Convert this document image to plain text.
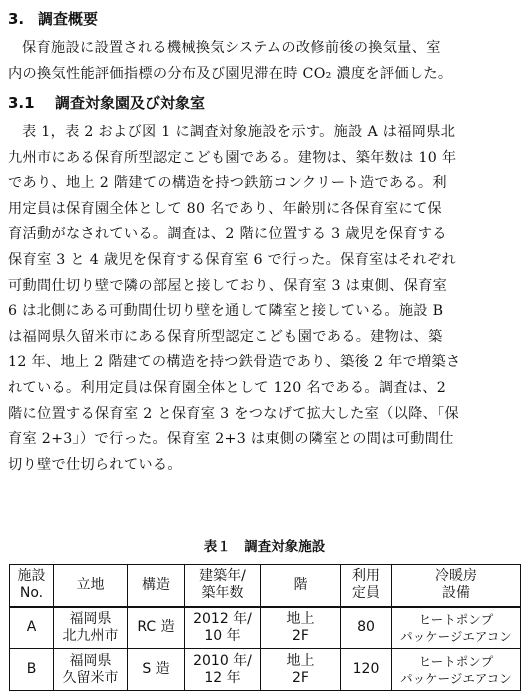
3. 調査概要
保育施設に設置される機械換気システムの改修前後の換気量、室
内の換気性能評価指標の分布及び園児滞在時 CO₂ 濃度を評価した。
3.1 調査対象園及び対象室
表 1，表 2 および図 1 に調査対象施設を示す。施設 A は福岡県北
九州市にある保育所型認定こども園である。建物は、築年数は 10 年
であり、地上 2 階建ての構造を持つ鉄筋コンクリート造である。利
用定員は保育園全体として 80 名であり、年齢別に各保育室にて保
育活動がなされている。調査は、2 階に位置する 3 歳児を保育する
保育室 3 と 4 歳児を保育する保育室 6 で行った。保育室はそれぞれ
可動間仕切り壁で隣の部屋と接しており、保育室 3 は東側、保育室
6 は北側にある可動間仕切り壁を通して隣室と接している。施設 B
は福岡県久留米市にある保育所型認定こども園である。建物は、築
12 年、地上 2 階建ての構造を持つ鉄骨造であり、築後 2 年で増築さ
れている。利用定員は保育園全体として 120 名である。調査は、2
階に位置する保育室 2 と保育室 3 をつなげて拡大した室（以降、「保
育室 2+3」）で行った。保育室 2+3 は東側の隣室との間は可動間仕
切り壁で仕切られている。
表１　調査対象施設
施設
No.	立地	構造	建築年/
築年数	階	利用
定員	冷暖房
設備

A	福岡県
北九州市	RC 造	2012 年/
10 年	地上
2F	80	ヒートポンプ
パッケージエアコン

B	福岡県
久留米市	S 造	2010 年/
12 年	地上
2F	120	ヒートポンプ
パッケージエアコン
